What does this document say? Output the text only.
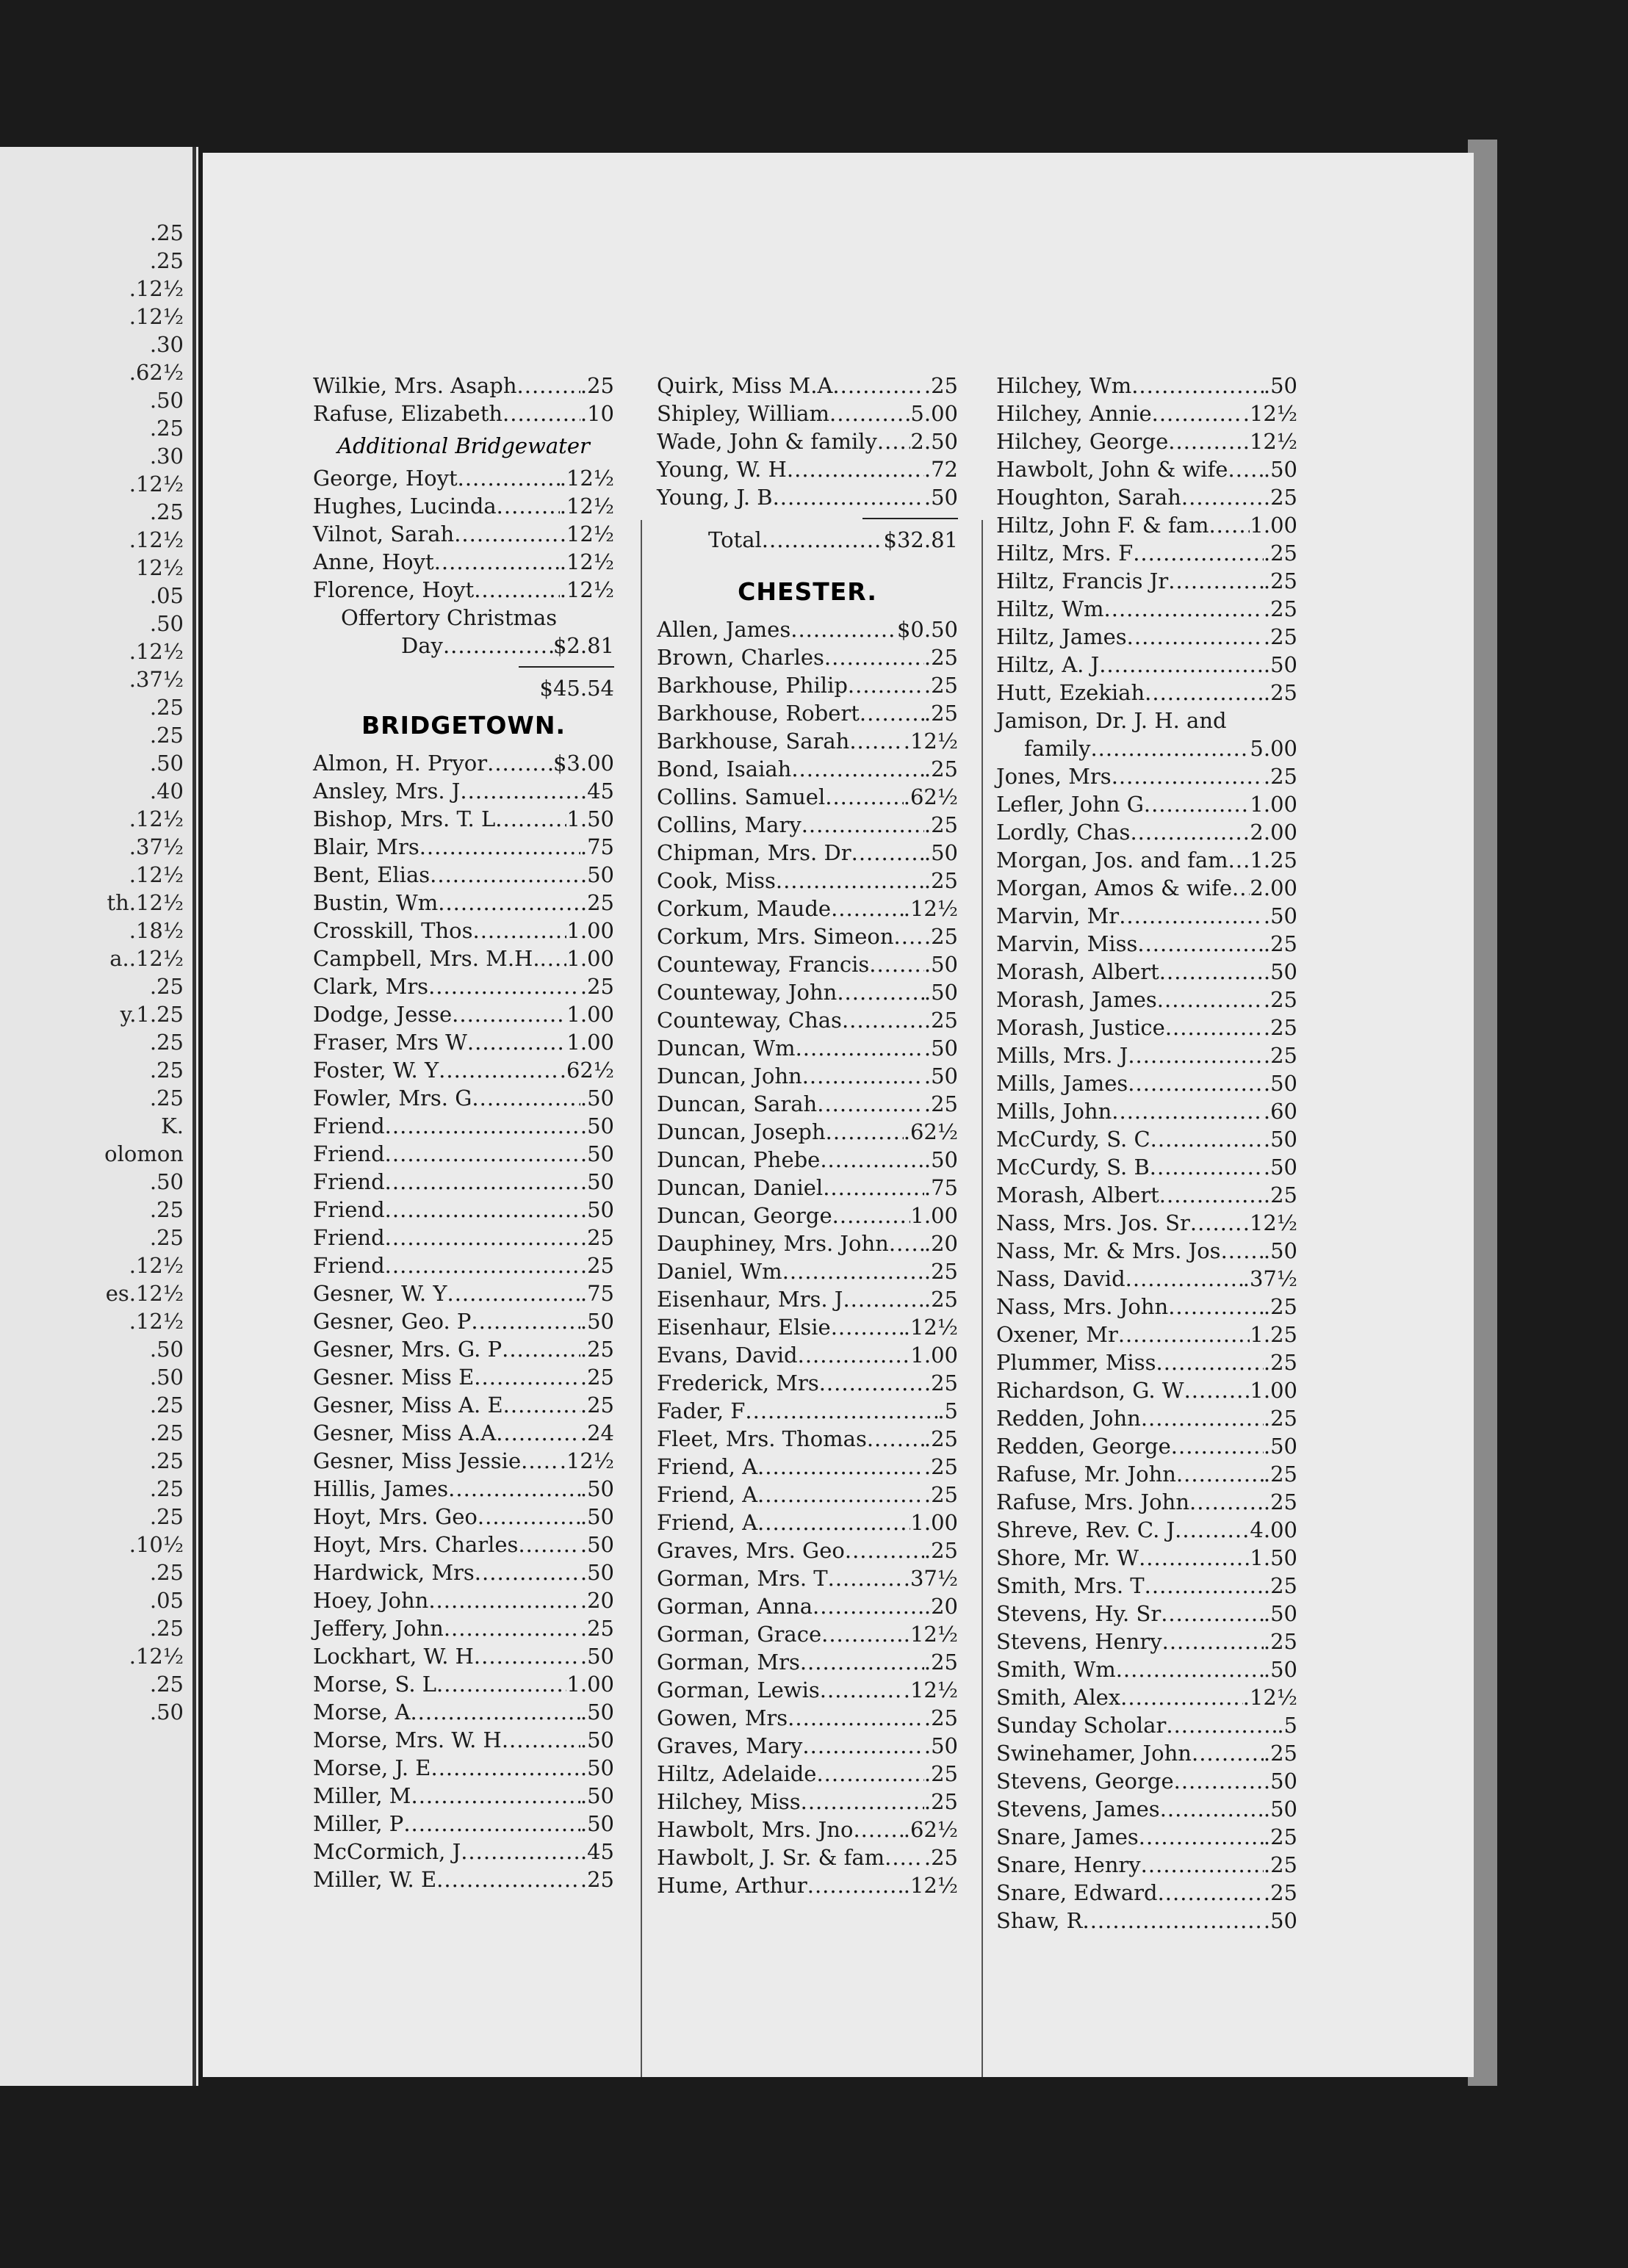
.25
.25
.12½
.12½
.30
.62½
.50
.25
.30
.12½
.25
.12½
12½
.05
.50
.12½
.37½
.25
.25
.50
.40
.12½
.37½
.12½
th.12½
.18½
a..12½
.25
y.1.25
.25
.25
.25
K.
olomon
.50
.25
.25
.12½
es.12½
.12½
.50
.50
.25
.25
.25
.25
.25
.10½
.25
.05
.25
.12½
.25
.50
Wilkie, Mrs. Asaph .....	.25
Rafuse, Elizabeth .....	.10
Additional Bridgewater
George, Hoyt .....	.12½
Hughes, Lucinda .....	.12½
Vilnot, Sarah .....	.12½
Anne, Hoyt .....	.12½
Florence, Hoyt .....	.12½
Offertory Christmas
Day .....	$2.81
$45.54
BRIDGETOWN.
Almon, H. Pryor .....	$3.00
Ansley, Mrs. J .....	.45
Bishop, Mrs. T. L .....	1.50
Blair, Mrs .....	.75
Bent, Elias .....	.50
Bustin, Wm .....	.25
Crosskill, Thos .....	1.00
Campbell, Mrs. M.H. ..... 1.00
Clark, Mrs .....	.25
Dodge, Jesse .....	1.00
Fraser, Mrs W .....	1.00
Foster, W. Y .....	.62½
Fowler, Mrs. G .....	.50
Friend .....	.50
Friend .....	.50
Friend .....	.50
Friend .....	.50
Friend .....	.25
Friend .....	.25
Gesner, W. Y .....	.75
Gesner, Geo. P .....	.50
Gesner, Mrs. G. P .....	.25
Gesner. Miss E .....	.25
Gesner, Miss A. E .....	.25
Gesner, Miss A.A .....	.24
Gesner, Miss Jessie ..... .12½
Hillis, James .....	.50
Hoyt, Mrs. Geo .....	.50
Hoyt, Mrs. Charles .....	.50
Hardwick, Mrs .....	.50
Hoey, John .....	.20
Jeffery, John .....	.25
Lockhart, W. H .....	.50
Morse, S. L .....	1.00
Morse, A .....	.50
Morse, Mrs. W. H .....	.50
Morse, J. E .....	.50
Miller, M .....	.50
Miller, P .....	.50
McCormich, J .....	.45
Miller, W. E .....	.25
Quirk, Miss M.A .....	.25
Shipley, William .....	5.00
Wade, John & family ..... 2.50
Young, W. H .....	.72
Young, J. B .....	.50
Total .....	$32.81
CHESTER.
Allen, James .....	$0.50
Brown, Charles .....	.25
Barkhouse, Philip .....	.25
Barkhouse, Robert .....	.25
Barkhouse, Sarah .....	.12½
Bond, Isaiah .....	.25
Collins. Samuel .....	.62½
Collins, Mary .....	.25
Chipman, Mrs. Dr .....	.50
Cook, Miss .....	.25
Corkum, Maude .....	.12½
Corkum, Mrs. Simeon ..... .25
Counteway, Francis .....	.50
Counteway, John .....	.50
Counteway, Chas .....	.25
Duncan, Wm .....	.50
Duncan, John .....	.50
Duncan, Sarah .....	.25
Duncan, Joseph .....	.62½
Duncan, Phebe .....	.50
Duncan, Daniel .....	.75
Duncan, George .....	1.00
Dauphiney, Mrs. John ..... .20
Daniel, Wm .....	.25
Eisenhaur, Mrs. J .....	.25
Eisenhaur, Elsie .....	.12½
Evans, David .....	1.00
Frederick, Mrs .....	.25
Fader, F .....	.5
Fleet, Mrs. Thomas .....	.25
Friend, A .....	.25
Friend, A .....	.25
Friend, A .....	1.00
Graves, Mrs. Geo .....	.25
Gorman, Mrs. T .....	.37½
Gorman, Anna .....	.20
Gorman, Grace .....	.12½
Gorman, Mrs .....	.25
Gorman, Lewis .....	.12½
Gowen, Mrs .....	.25
Graves, Mary .....	.50
Hiltz, Adelaide .....	.25
Hilchey, Miss .....	.25
Hawbolt, Mrs. Jno ..... .62½
Hawbolt, J. Sr. & fam ..... .25
Hume, Arthur .....	.12½
Hilchey, Wm .....	.50
Hilchey, Annie .....	.12½
Hilchey, George .....	.12½
Hawbolt, John & wife ..... .50
Houghton, Sarah .....	.25
Hiltz, John F. & fam ..... 1.00
Hiltz, Mrs. F .....	.25
Hiltz, Francis Jr .....	.25
Hiltz, Wm .....	.25
Hiltz, James .....	.25
Hiltz, A. J .....	.50
Hutt, Ezekiah .....	.25
Jamison, Dr. J. H. and
family .....	5.00
Jones, Mrs .....	.25
Lefler, John G .....	1.00
Lordly, Chas .....	2.00
Morgan, Jos. and fam ..... 1.25
Morgan, Amos & wife ..... 2.00
Marvin, Mr .....	.50
Marvin, Miss .....	.25
Morash, Albert .....	.50
Morash, James .....	.25
Morash, Justice .....	.25
Mills, Mrs. J .....	.25
Mills, James .....	.50
Mills, John .....	.60
McCurdy, S. C .....	.50
McCurdy, S. B .....	.50
Morash, Albert .....	.25
Nass, Mrs. Jos. Sr ..... .12½
Nass, Mr. & Mrs. Jos ..... .50
Nass, David .....	.37½
Nass, Mrs. John .....	.25
Oxener, Mr .....	1.25
Plummer, Miss .....	.25
Richardson, G. W .....	1.00
Redden, John .....	.25
Redden, George .....	.50
Rafuse, Mr. John .....	.25
Rafuse, Mrs. John .....	.25
Shreve, Rev. C. J .....	4.00
Shore, Mr. W .....	1.50
Smith, Mrs. T .....	.25
Stevens, Hy. Sr .....	.50
Stevens, Henry .....	.25
Smith, Wm .....	.50
Smith, Alex .....	.12½
Sunday Scholar .....	.5
Swinehamer, John .....	.25
Stevens, George .....	.50
Stevens, James .....	.50
Snare, James .....	.25
Snare, Henry .....	.25
Snare, Edward .....	.25
Shaw, R .....	.50
